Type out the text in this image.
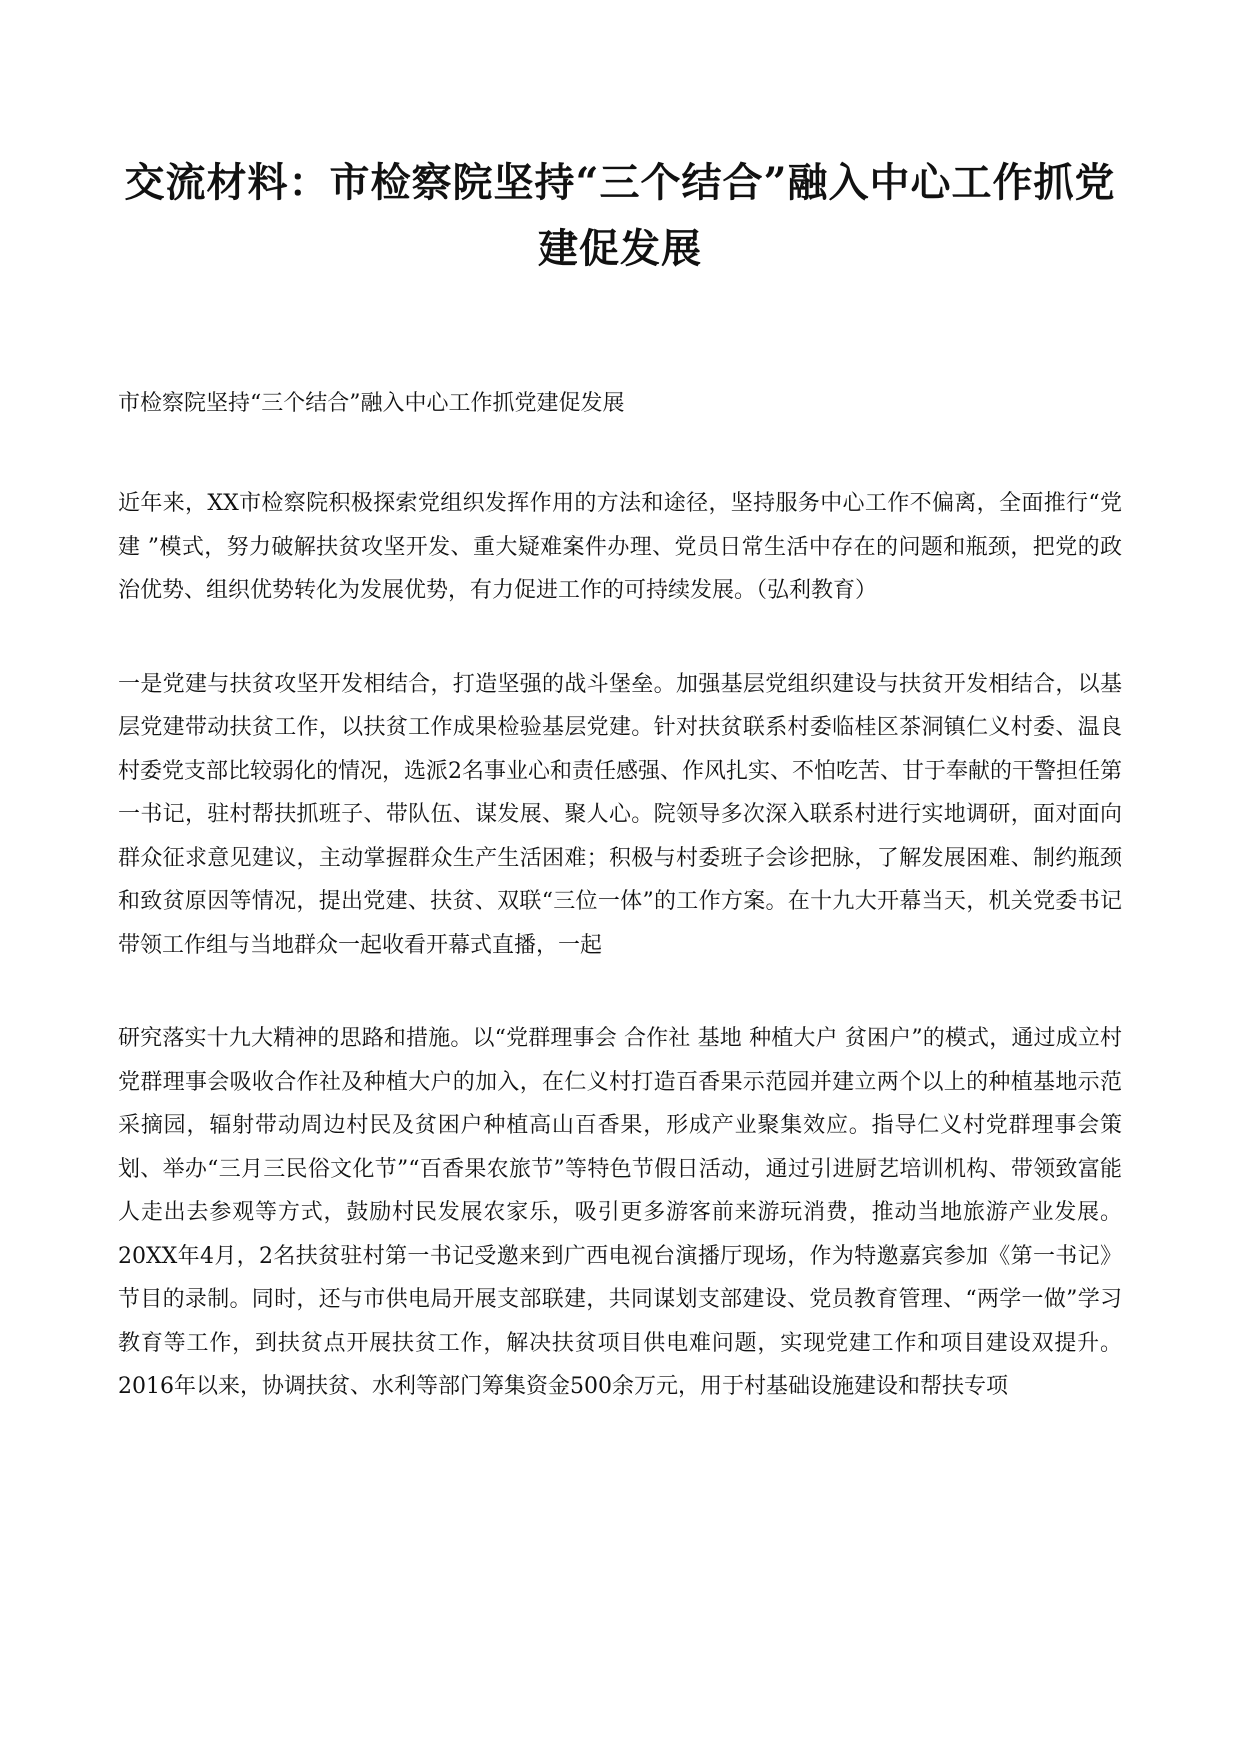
交流材料：市检察院坚持“三个结合”融入中心工作抓党建促发展

市检察院坚持“三个结合”融入中心工作抓党建促发展

近年来，XX市检察院积极探索党组织发挥作用的方法和途径，坚持服务中心工作不偏离，全面推行“党建 ”模式，努力破解扶贫攻坚开发、重大疑难案件办理、党员日常生活中存在的问题和瓶颈，把党的政治优势、组织优势转化为发展优势，有力促进工作的可持续发展。（弘利教育）

一是党建与扶贫攻坚开发相结合，打造坚强的战斗堡垒。加强基层党组织建设与扶贫开发相结合，以基层党建带动扶贫工作，以扶贫工作成果检验基层党建。针对扶贫联系村委临桂区茶洞镇仁义村委、温良村委党支部比较弱化的情况，选派2名事业心和责任感强、作风扎实、不怕吃苦、甘于奉献的干警担任第一书记，驻村帮扶抓班子、带队伍、谋发展、聚人心。院领导多次深入联系村进行实地调研，面对面向群众征求意见建议，主动掌握群众生产生活困难；积极与村委班子会诊把脉，了解发展困难、制约瓶颈和致贫原因等情况，提出党建、扶贫、双联“三位一体”的工作方案。在十九大开幕当天，机关党委书记带领工作组与当地群众一起收看开幕式直播，一起

研究落实十九大精神的思路和措施。以“党群理事会 合作社 基地 种植大户 贫困户”的模式，通过成立村党群理事会吸收合作社及种植大户的加入，在仁义村打造百香果示范园并建立两个以上的种植基地示范采摘园，辐射带动周边村民及贫困户种植高山百香果，形成产业聚集效应。指导仁义村党群理事会策划、举办“三月三民俗文化节”“百香果农旅节”等特色节假日活动，通过引进厨艺培训机构、带领致富能人走出去参观等方式，鼓励村民发展农家乐，吸引更多游客前来游玩消费，推动当地旅游产业发展。20XX年4月，2名扶贫驻村第一书记受邀来到广西电视台演播厅现场，作为特邀嘉宾参加《第一书记》节目的录制。同时，还与市供电局开展支部联建，共同谋划支部建设、党员教育管理、“两学一做”学习教育等工作，到扶贫点开展扶贫工作，解决扶贫项目供电难问题，实现党建工作和项目建设双提升。2016年以来，协调扶贫、水利等部门筹集资金500余万元，用于村基础设施建设和帮扶专项
